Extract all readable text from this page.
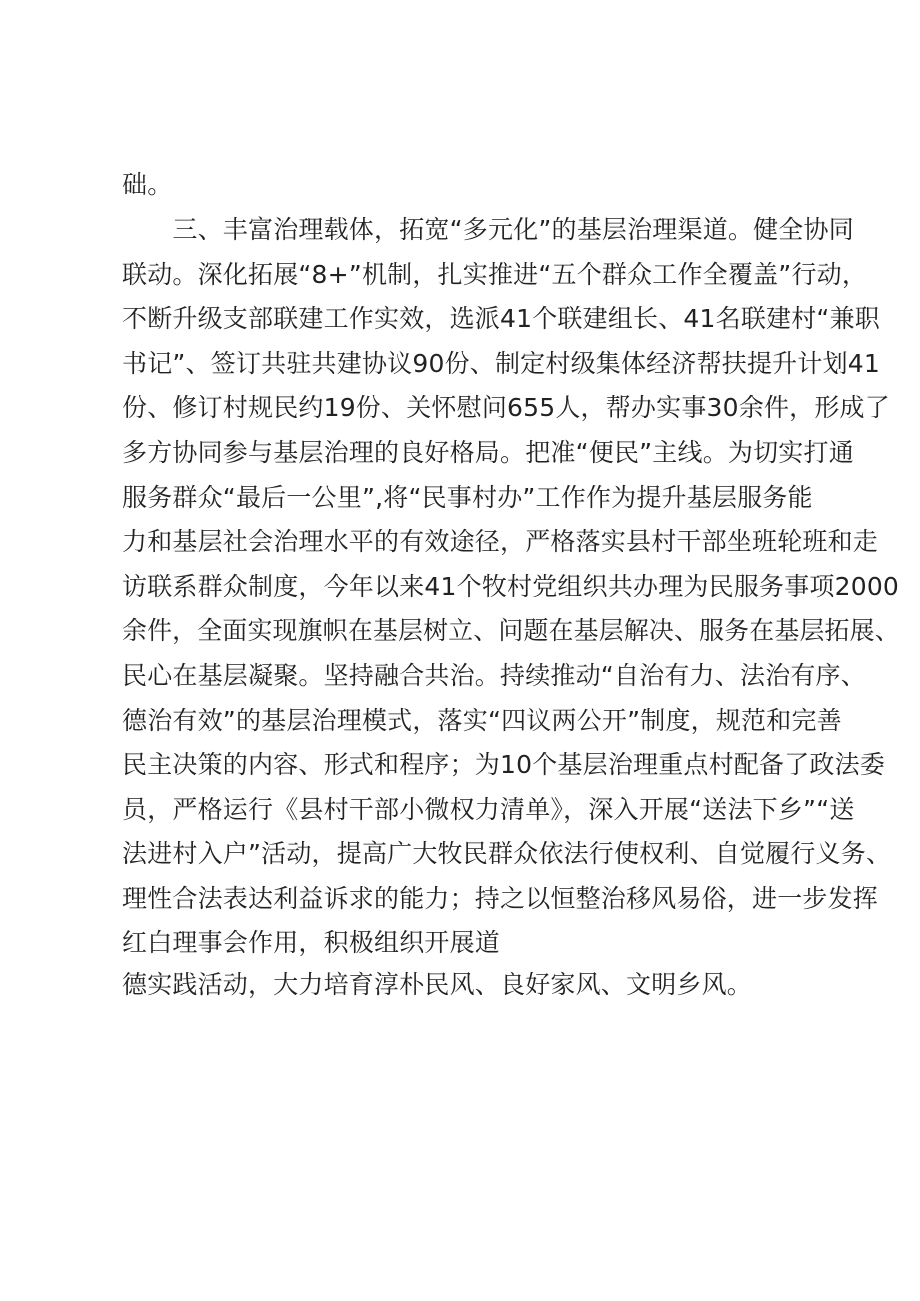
础。
　　三、丰富治理载体，拓宽“多元化”的基层治理渠道。健全协同
联动。深化拓展“8+”机制，扎实推进“五个群众工作全覆盖”行动，
不断升级支部联建工作实效，选派41个联建组长、41名联建村“兼职
书记”、签订共驻共建协议90份、制定村级集体经济帮扶提升计划41
份、修订村规民约19份、关怀慰问655人，帮办实事30余件，形成了
多方协同参与基层治理的良好格局。把准“便民”主线。为切实打通
服务群众“最后一公里”,将“民事村办”工作作为提升基层服务能
力和基层社会治理水平的有效途径，严格落实县村干部坐班轮班和走
访联系群众制度，今年以来41个牧村党组织共办理为民服务事项2000
余件，全面实现旗帜在基层树立、问题在基层解决、服务在基层拓展、
民心在基层凝聚。坚持融合共治。持续推动“自治有力、法治有序、
德治有效”的基层治理模式，落实“四议两公开”制度，规范和完善
民主决策的内容、形式和程序；为10个基层治理重点村配备了政法委
员，严格运行《县村干部小微权力清单》，深入开展“送法下乡”“送
法进村入户”活动，提高广大牧民群众依法行使权利、自觉履行义务、
理性合法表达利益诉求的能力；持之以恒整治移风易俗，进一步发挥
红白理事会作用，积极组织开展道
德实践活动，大力培育淳朴民风、良好家风、文明乡风。
